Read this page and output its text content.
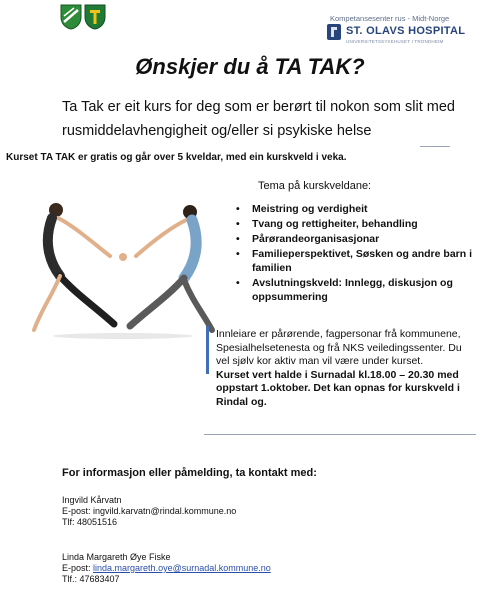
Kompetansesenter rus - Midt-Norge
ST. OLAVS HOSPITAL
UNIVERSITETSSYKEHUSET I TRONDHEIM
Ønskjer du å TA TAK?
Ta Tak er eit kurs for deg som er berørt til nokon som slit med rusmiddelavhengigheit og/eller si psykiske helse
Kurset TA TAK er gratis og går over 5 kveldar, med ein kurskveld i veka.
Tema på kurskveldane:
• Meistring og verdigheit
• Tvang og rettigheiter, behandling
• Pårørandeorganisasjonar
• Familieperspektivet, Søsken og andre barn i familien
• Avslutningskveld: Innlegg, diskusjon og oppsummering
Innleiare er pårørende, fagpersonar frå kommunene, Spesialhelsetenesta og frå NKS veiledingssenter. Du vel sjølv kor aktiv man vil være under kurset.
Kurset vert halde i Surnadal kl.18.00 – 20.30 med oppstart 1.oktober. Det kan opnas for kurskveld i Rindal og.
For informasjon eller påmelding, ta kontakt med:
Ingvild Kårvatn
E-post: ingvild.karvatn@rindal.kommune.no
Tlf: 48051516
Linda Margareth Øye Fiske
E-post: linda.margareth.oye@surnadal.kommune.no
Tlf.: 47683407
